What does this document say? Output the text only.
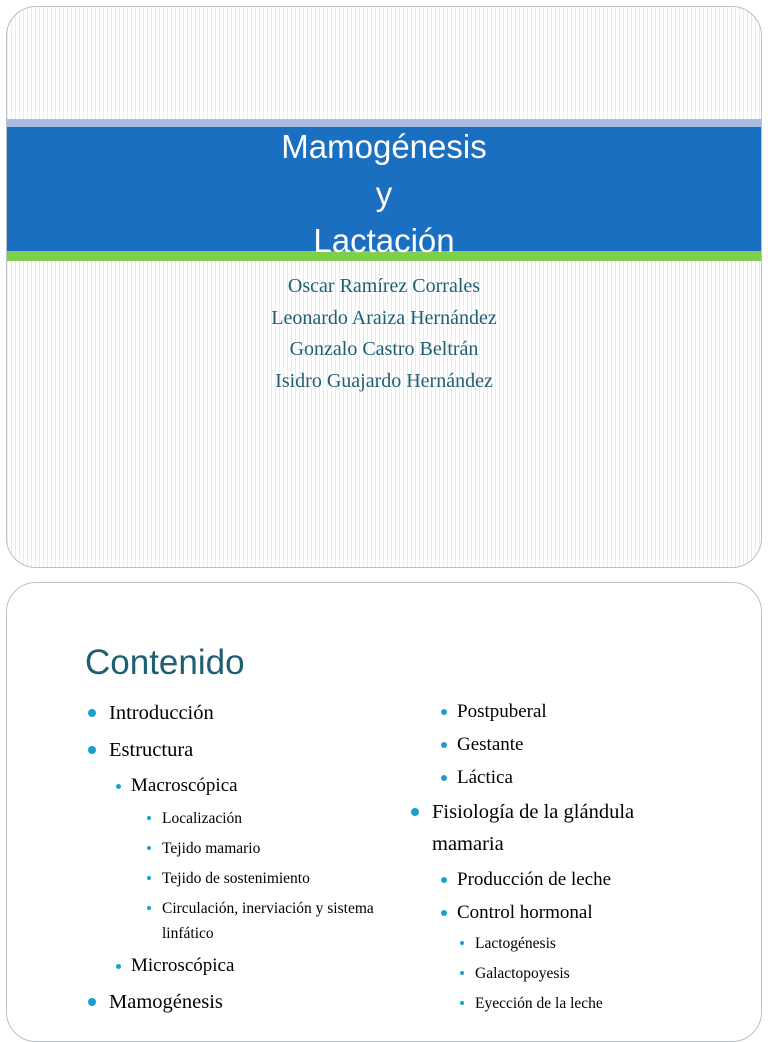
Mamogénesis
y
Lactación
Oscar Ramírez Corrales
Leonardo Araiza Hernández
Gonzalo Castro Beltrán
Isidro Guajardo Hernández
Contenido
Introducción
Estructura
Macroscópica
Localización
Tejido mamario
Tejido de sostenimiento
Circulación, inerviación y sistema linfático
Microscópica
Mamogénesis
Postpuberal
Gestante
Láctica
Fisiología de la glándula mamaria
Producción de leche
Control hormonal
Lactogénesis
Galactopoyesis
Eyección de la leche
